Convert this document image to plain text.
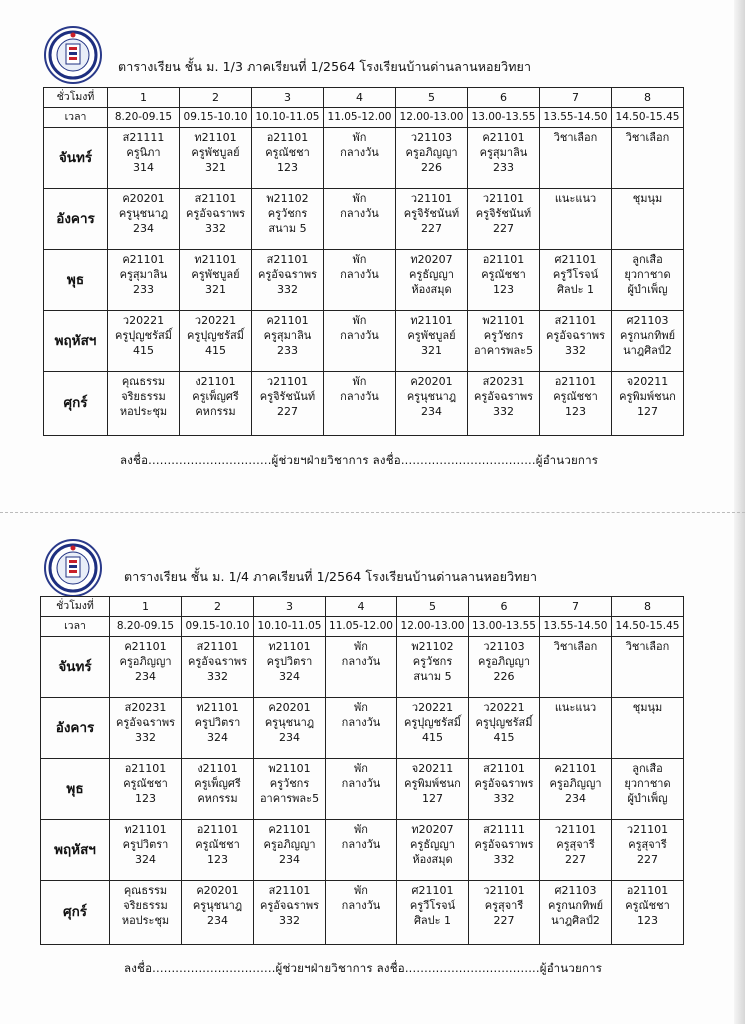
ตารางเรียน ชั้น ม. 1/3 ภาคเรียนที่ 1/2564 โรงเรียนบ้านด่านลานหอยวิทยา
ชั่วโมงที่	1	2	3	4	5	6	7	8
เวลา	8.20-09.15	09.15-10.10	10.10-11.05	11.05-12.00	12.00-13.00	13.00-13.55	13.55-14.50	14.50-15.45
จันทร์	ส21111
ครูนิภา
314	ท21101
ครูพัชบูลย์
321	อ21101
ครูณัชชา
123	พัก
กลางวัน	ว21103
ครูอภิญญา
226	ค21101
ครูสุมาลิน
233	วิชาเลือก	วิชาเลือก

อังคาร	ค20201
ครูนุชนาฎ
234	ส21101
ครูอัจฉราพร
332	พ21102
ครูวัชกร
สนาม 5	พัก
กลางวัน	ว21101
ครูจิรัชนันท์
227	ว21101
ครูจิรัชนันท์
227	แนะแนว	ชุมนุม

พุธ	ค21101
ครูสุมาลิน
233	ท21101
ครูพัชบูลย์
321	ส21101
ครูอัจฉราพร
332	พัก
กลางวัน	ท20207
ครูธัญญา
ห้องสมุด	อ21101
ครูณัชชา
123	ศ21101
ครูวีโรจน์
ศิลปะ 1	ลูกเสือ
ยุวกาชาด
ผู้บำเพ็ญ

พฤหัสฯ	ว20221
ครูปุญชรัสมิ์
415	ว20221
ครูปุญชรัสมิ์
415	ค21101
ครูสุมาลิน
233	พัก
กลางวัน	ท21101
ครูพัชบูลย์
321	พ21101
ครูวัชกร
อาคารพละ5	ส21101
ครูอัจฉราพร
332	ศ21103
ครูกนกทิพย์
นาฎศิลป์2

ศุกร์	คุณธรรม
จริยธรรม
หอประชุม	ง21101
ครูเพ็ญศรี
คหกรรม	ว21101
ครูจิรัชนันท์
227	พัก
กลางวัน	ค20201
ครูนุชนาฎ
234	ส20231
ครูอัจฉราพร
332	อ21101
ครูณัชชา
123	จ20211
ครูพิมพ์ชนก
127
ลงชื่อ................................ผู้ช่วยฯฝ่ายวิชาการ ลงชื่อ...................................ผู้อำนวยการ
ตารางเรียน ชั้น ม. 1/4 ภาคเรียนที่ 1/2564 โรงเรียนบ้านด่านลานหอยวิทยา
ชั่วโมงที่	1	2	3	4	5	6	7	8
เวลา	8.20-09.15	09.15-10.10	10.10-11.05	11.05-12.00	12.00-13.00	13.00-13.55	13.55-14.50	14.50-15.45
จันทร์	ค21101
ครูอภิญญา
234	ส21101
ครูอัจฉราพร
332	ท21101
ครูปวิตรา
324	พัก
กลางวัน	พ21102
ครูวัชกร
สนาม 5	ว21103
ครูอภิญญา
226	วิชาเลือก	วิชาเลือก

อังคาร	ส20231
ครูอัจฉราพร
332	ท21101
ครูปวิตรา
324	ค20201
ครูนุชนาฎ
234	พัก
กลางวัน	ว20221
ครูปุญชรัสมิ์
415	ว20221
ครูปุญชรัสมิ์
415	แนะแนว	ชุมนุม

พุธ	อ21101
ครูณัชชา
123	ง21101
ครูเพ็ญศรี
คหกรรม	พ21101
ครูวัชกร
อาคารพละ5	พัก
กลางวัน	จ20211
ครูพิมพ์ชนก
127	ส21101
ครูอัจฉราพร
332	ค21101
ครูอภิญญา
234	ลูกเสือ
ยุวกาชาด
ผู้บำเพ็ญ

พฤหัสฯ	ท21101
ครูปวิตรา
324	อ21101
ครูณัชชา
123	ค21101
ครูอภิญญา
234	พัก
กลางวัน	ท20207
ครูธัญญา
ห้องสมุด	ส21111
ครูอัจฉราพร
332	ว21101
ครูสุจารี
227	ว21101
ครูสุจารี
227

ศุกร์	คุณธรรม
จริยธรรม
หอประชุม	ค20201
ครูนุชนาฎ
234	ส21101
ครูอัจฉราพร
332	พัก
กลางวัน	ศ21101
ครูวีโรจน์
ศิลปะ 1	ว21101
ครูสุจารี
227	ศ21103
ครูกนกทิพย์
นาฎศิลป์2	อ21101
ครูณัชชา
123
ลงชื่อ................................ผู้ช่วยฯฝ่ายวิชาการ ลงชื่อ...................................ผู้อำนวยการ
